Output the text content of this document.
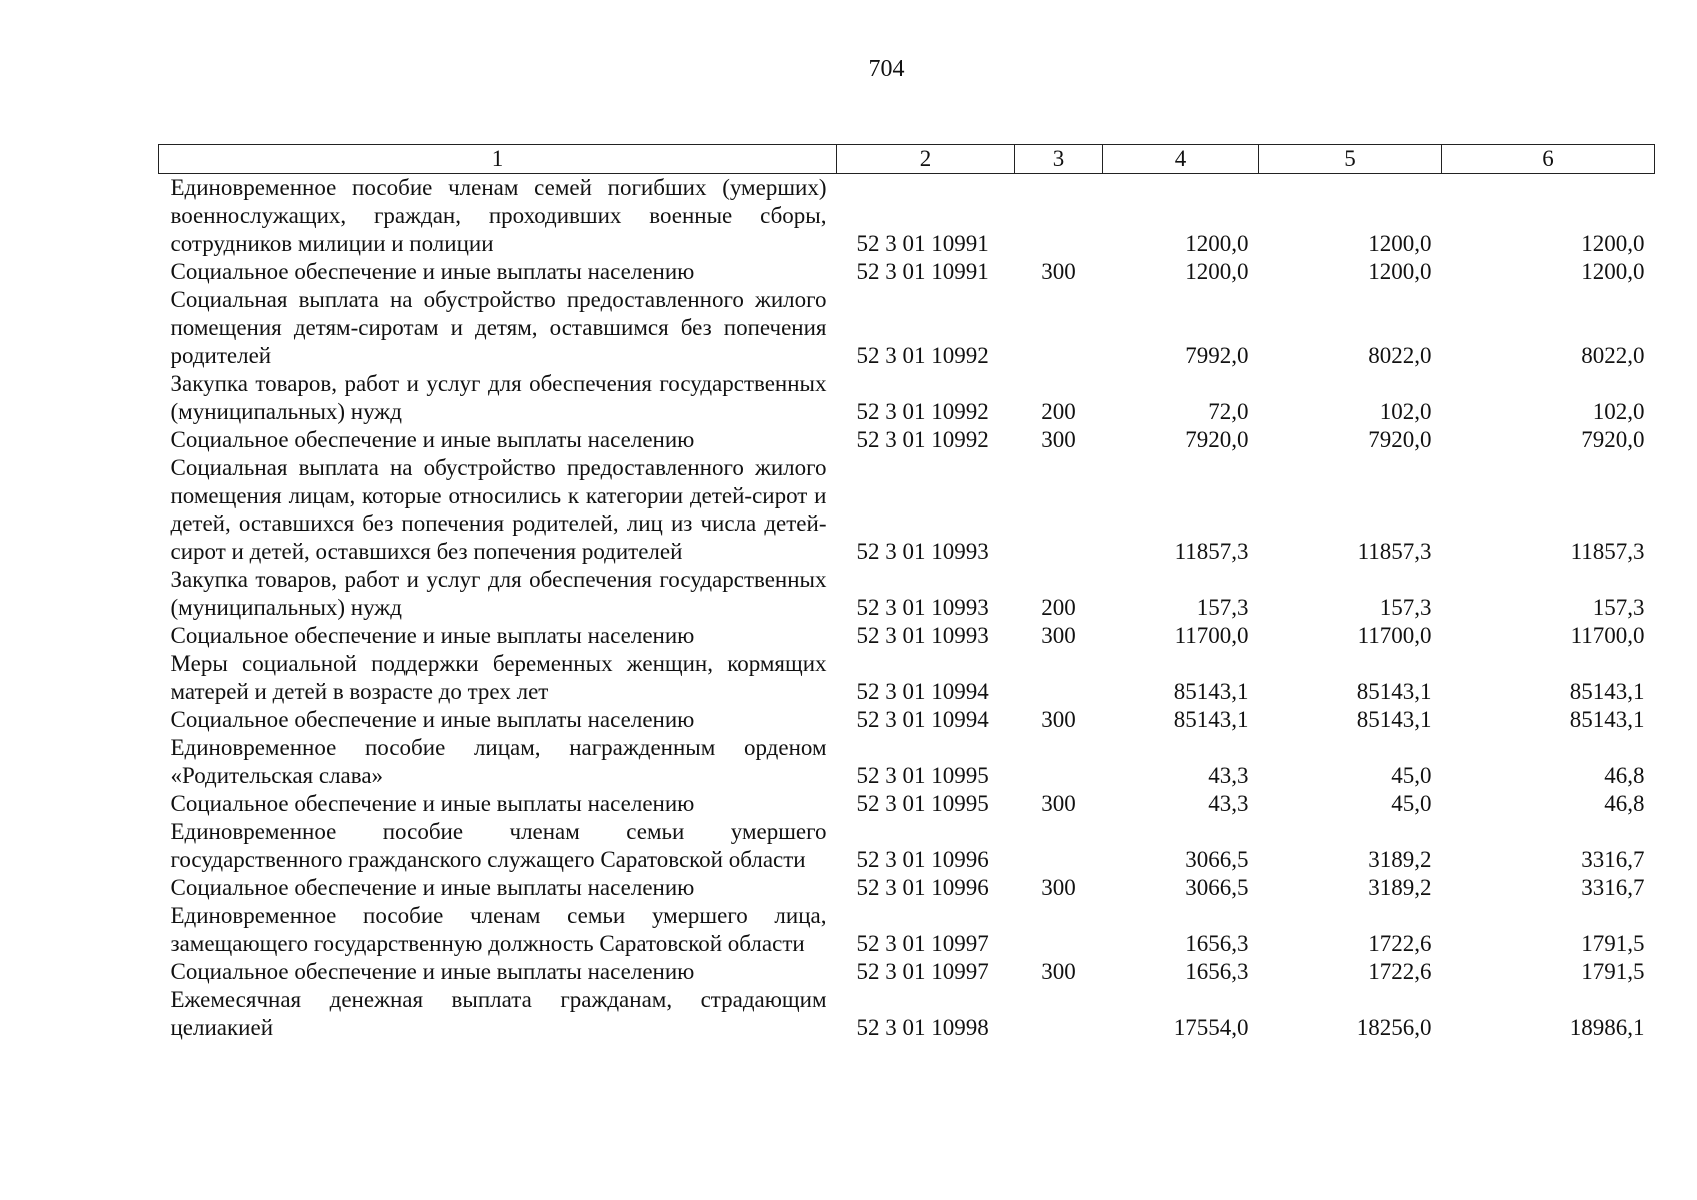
704
1	2	3	4	5	6
Единовременное пособие членам семей погибших (умерших) военнослужащих, граждан, проходивших военные сборы, сотрудников милиции и полиции	52 3 01 10991		1200,0	1200,0	1200,0
Социальное обеспечение и иные выплаты населению	52 3 01 10991	300	1200,0	1200,0	1200,0
Социальная выплата на обустройство предоставленного жилого помещения детям-сиротам и детям, оставшимся без попечения родителей	52 3 01 10992		7992,0	8022,0	8022,0
Закупка товаров, работ и услуг для обеспечения государственных (муниципальных) нужд	52 3 01 10992	200	72,0	102,0	102,0
Социальное обеспечение и иные выплаты населению	52 3 01 10992	300	7920,0	7920,0	7920,0
Социальная выплата на обустройство предоставленного жилого помещения лицам, которые относились к категории детей-сирот и детей, оставшихся без попечения родителей, лиц из числа детей-сирот и детей, оставшихся без попечения родителей	52 3 01 10993		11857,3	11857,3	11857,3
Закупка товаров, работ и услуг для обеспечения государственных (муниципальных) нужд	52 3 01 10993	200	157,3	157,3	157,3
Социальное обеспечение и иные выплаты населению	52 3 01 10993	300	11700,0	11700,0	11700,0
Меры социальной поддержки беременных женщин, кормящих матерей и детей в возрасте до трех лет	52 3 01 10994		85143,1	85143,1	85143,1
Социальное обеспечение и иные выплаты населению	52 3 01 10994	300	85143,1	85143,1	85143,1
Единовременное пособие лицам, награжденным орденом «Родительская слава»	52 3 01 10995		43,3	45,0	46,8
Социальное обеспечение и иные выплаты населению	52 3 01 10995	300	43,3	45,0	46,8
Единовременное пособие членам семьи умершего государственного гражданского служащего Саратовской области	52 3 01 10996		3066,5	3189,2	3316,7
Социальное обеспечение и иные выплаты населению	52 3 01 10996	300	3066,5	3189,2	3316,7
Единовременное пособие членам семьи умершего лица, замещающего государственную должность Саратовской области	52 3 01 10997		1656,3	1722,6	1791,5
Социальное обеспечение и иные выплаты населению	52 3 01 10997	300	1656,3	1722,6	1791,5
Ежемесячная денежная выплата гражданам, страдающим целиакией	52 3 01 10998		17554,0	18256,0	18986,1
